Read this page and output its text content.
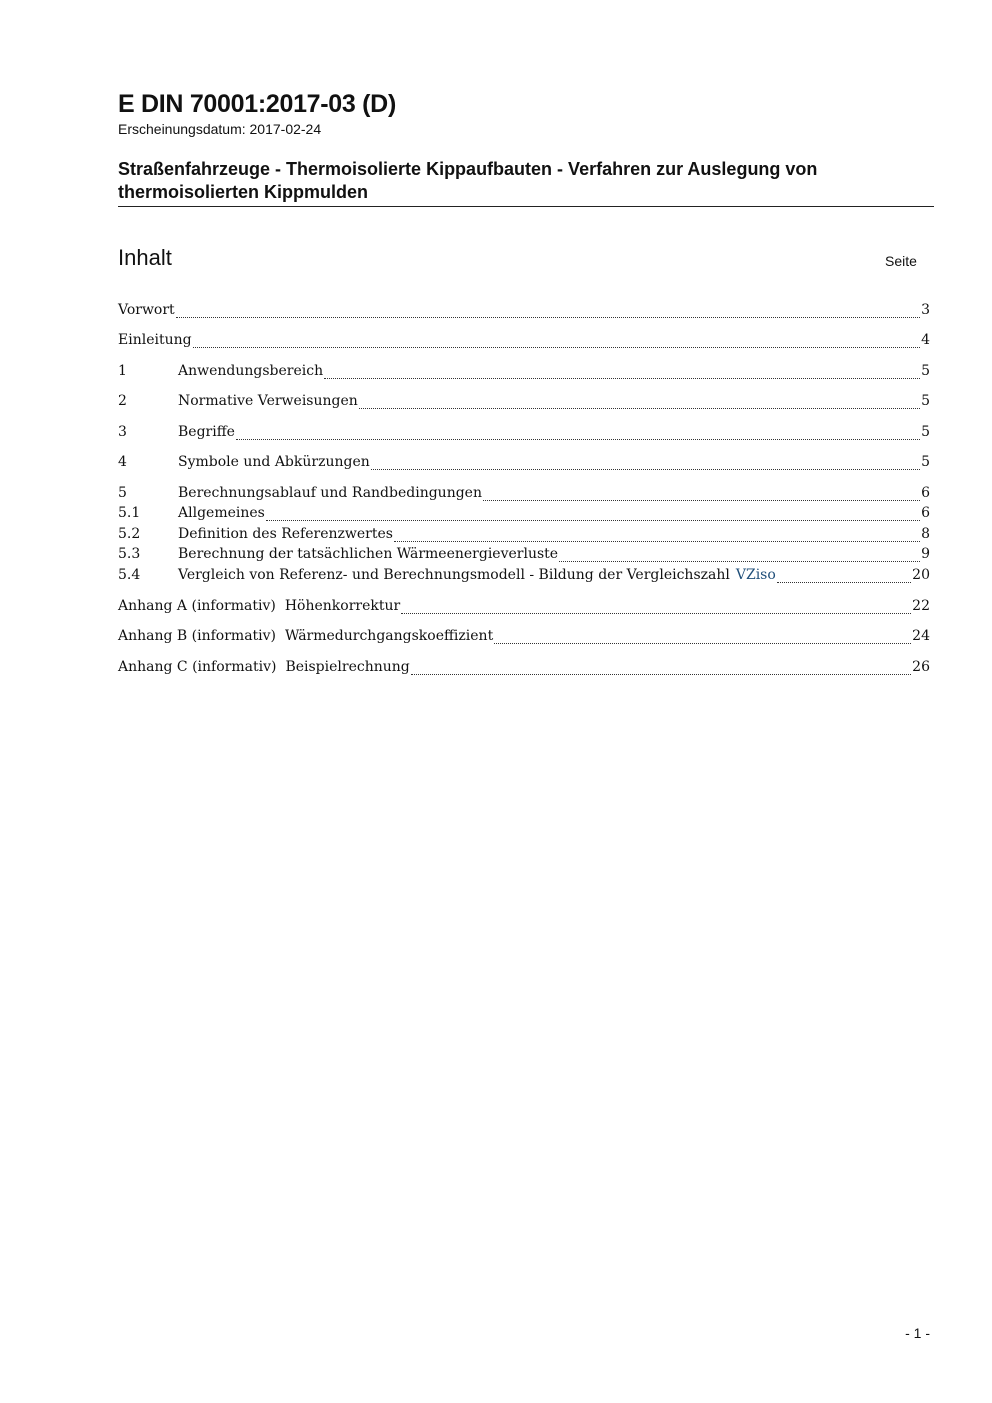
E DIN 70001:2017-03 (D)
Erscheinungsdatum: 2017-02-24
Straßenfahrzeuge - Thermoisolierte Kippaufbauten - Verfahren zur Auslegung von thermoisolierten Kippmulden
Inhalt	Seite
Vorwort	3
Einleitung	4
1	Anwendungsbereich	5
2	Normative Verweisungen	5
3	Begriffe	5
4	Symbole und Abkürzungen	5
5	Berechnungsablauf und Randbedingungen	6
5.1	Allgemeines	6
5.2	Definition des Referenzwertes	8
5.3	Berechnung der tatsächlichen Wärmeenergieverluste	9
5.4	Vergleich von Referenz- und Berechnungsmodell - Bildung der Vergleichszahl VZiso	20
Anhang A (informativ) Höhenkorrektur	22
Anhang B (informativ) Wärmedurchgangskoeffizient	24
Anhang C (informativ) Beispielrechnung	26
- 1 -
